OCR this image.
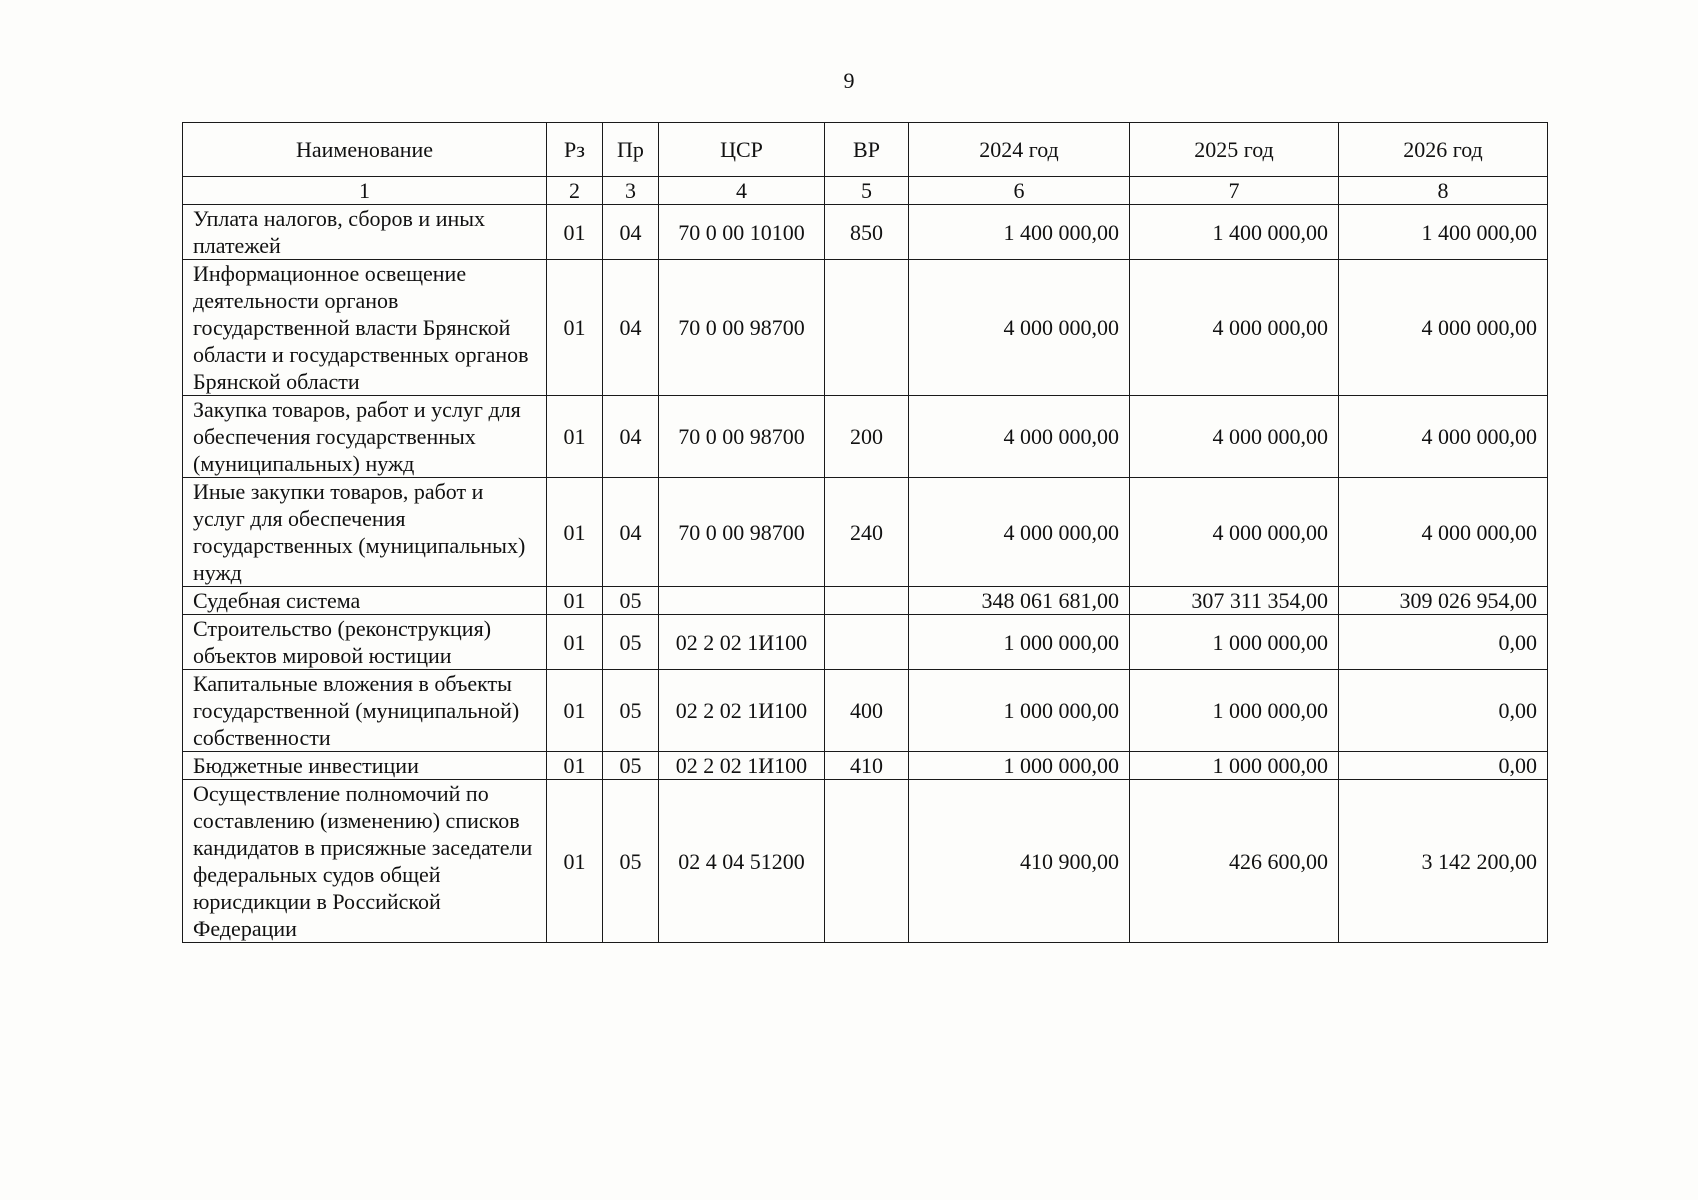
9
Наименование	Рз	Пр	ЦСР	ВР	2024 год	2025 год	2026 год
1	2	3	4	5	6	7	8
Уплата налогов, сборов и иных платежей	01	04	70 0 00 10100	850	1 400 000,00	1 400 000,00	1 400 000,00
Информационное освещение деятельности органов государственной власти Брянской области и государственных органов Брянской области	01	04	70 0 00 98700		4 000 000,00	4 000 000,00	4 000 000,00
Закупка товаров, работ и услуг для обеспечения государственных (муниципальных) нужд	01	04	70 0 00 98700	200	4 000 000,00	4 000 000,00	4 000 000,00
Иные закупки товаров, работ и услуг для обеспечения государственных (муниципальных) нужд	01	04	70 0 00 98700	240	4 000 000,00	4 000 000,00	4 000 000,00
Судебная система	01	05			348 061 681,00	307 311 354,00	309 026 954,00
Строительство (реконструкция) объектов мировой юстиции	01	05	02 2 02 1И100		1 000 000,00	1 000 000,00	0,00
Капитальные вложения в объекты государственной (муниципальной) собственности	01	05	02 2 02 1И100	400	1 000 000,00	1 000 000,00	0,00
Бюджетные инвестиции	01	05	02 2 02 1И100	410	1 000 000,00	1 000 000,00	0,00
Осуществление полномочий по составлению (изменению) списков кандидатов в присяжные заседатели федеральных судов общей юрисдикции в Российской Федерации	01	05	02 4 04 51200		410 900,00	426 600,00	3 142 200,00
